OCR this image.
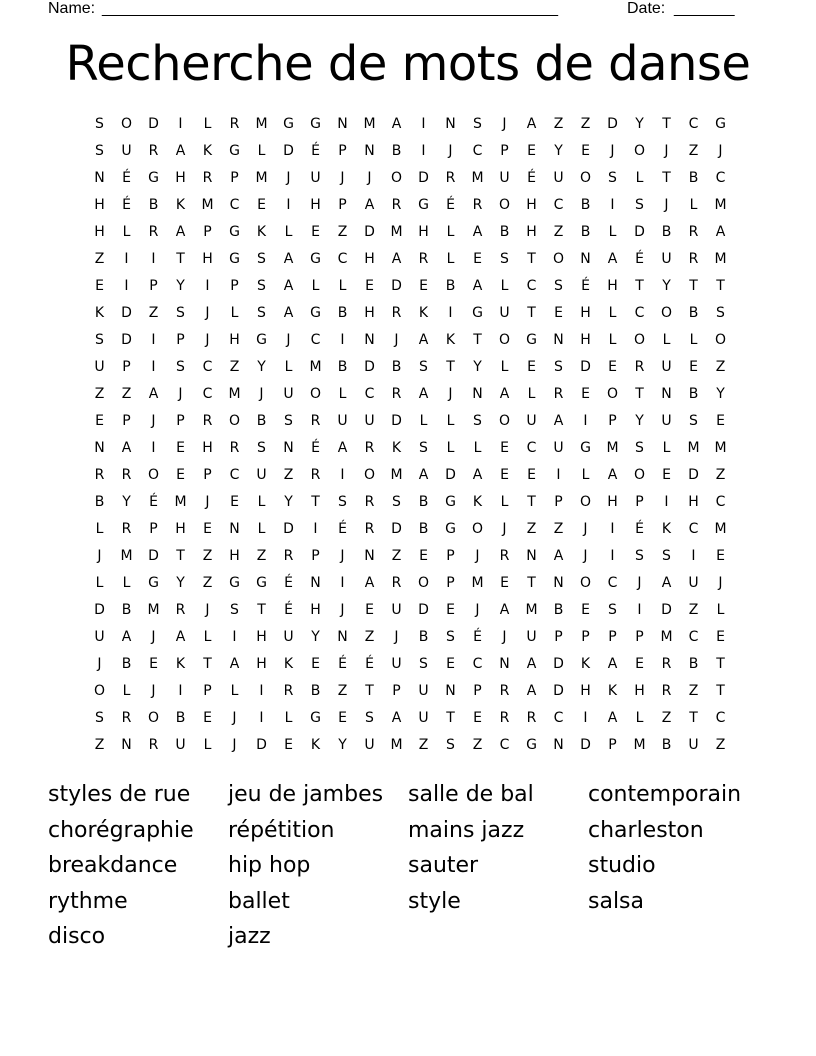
Name: _____________________________________________________	Date: _______
Recherche de mots de danse
S	O	D	I	L	R	M	G	G	N	M	A	I	N	S	J	A	Z	Z	D	Y	T	C	G
S	U	R	A	K	G	L	D	É	P	N	B	I	J	C	P	E	Y	E	J	O	J	Z	J
N	É	G	H	R	P	M	J	U	J	J	O	D	R	M	U	É	U	O	S	L	T	B	C
H	É	B	K	M	C	E	I	H	P	A	R	G	É	R	O	H	C	B	I	S	J	L	M
H	L	R	A	P	G	K	L	E	Z	D	M	H	L	A	B	H	Z	B	L	D	B	R	A
Z	I	I	T	H	G	S	A	G	C	H	A	R	L	E	S	T	O	N	A	É	U	R	M
E	I	P	Y	I	P	S	A	L	L	E	D	E	B	A	L	C	S	É	H	T	Y	T	T
K	D	Z	S	J	L	S	A	G	B	H	R	K	I	G	U	T	E	H	L	C	O	B	S
S	D	I	P	J	H	G	J	C	I	N	J	A	K	T	O	G	N	H	L	O	L	L	O
U	P	I	S	C	Z	Y	L	M	B	D	B	S	T	Y	L	E	S	D	E	R	U	E	Z
Z	Z	A	J	C	M	J	U	O	L	C	R	A	J	N	A	L	R	E	O	T	N	B	Y
E	P	J	P	R	O	B	S	R	U	U	D	L	L	S	O	U	A	I	P	Y	U	S	E
N	A	I	E	H	R	S	N	É	A	R	K	S	L	L	E	C	U	G	M	S	L	M	M
R	R	O	E	P	C	U	Z	R	I	O	M	A	D	A	E	E	I	L	A	O	E	D	Z
B	Y	É	M	J	E	L	Y	T	S	R	S	B	G	K	L	T	P	O	H	P	I	H	C
L	R	P	H	E	N	L	D	I	É	R	D	B	G	O	J	Z	Z	J	I	É	K	C	M
J	M	D	T	Z	H	Z	R	P	J	N	Z	E	P	J	R	N	A	J	I	S	S	I	E
L	L	G	Y	Z	G	G	É	N	I	A	R	O	P	M	E	T	N	O	C	J	A	U	J
D	B	M	R	J	S	T	É	H	J	E	U	D	E	J	A	M	B	E	S	I	D	Z	L
U	A	J	A	L	I	H	U	Y	N	Z	J	B	S	É	J	U	P	P	P	P	M	C	E
J	B	E	K	T	A	H	K	E	É	É	U	S	E	C	N	A	D	K	A	E	R	B	T
O	L	J	I	P	L	I	R	B	Z	T	P	U	N	P	R	A	D	H	K	H	R	Z	T
S	R	O	B	E	J	I	L	G	E	S	A	U	T	E	R	R	C	I	A	L	Z	T	C
Z	N	R	U	L	J	D	E	K	Y	U	M	Z	S	Z	C	G	N	D	P	M	B	U	Z
styles de rue	jeu de jambes	salle de bal	contemporain
chorégraphie	répétition	mains jazz	charleston
breakdance	hip hop	sauter	studio
rythme	ballet	style	salsa
disco	jazz
